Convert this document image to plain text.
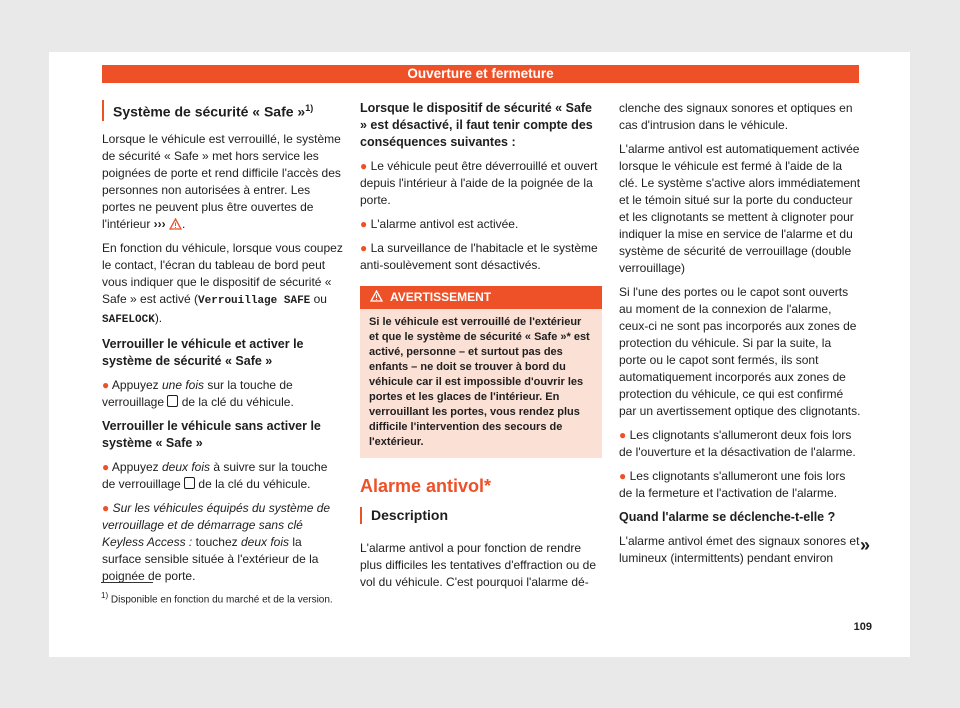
Ouverture et fermeture
Système de sécurité « Safe »$^{1)}$

Lorsque le véhicule est verrouillé, le système de sécurité « Safe » met hors service les poignées de porte et rend difficile l'accès des personnes non autorisées à entrer. Les portes ne peuvent plus être ouvertes de l'intérieur ››› .

En fonction du véhicule, lorsque vous coupez le contact, l'écran du tableau de bord peut vous indiquer que le dispositif de sécurité « Safe » est activé (Verrouillage SAFE ou SAFELOCK).

Verrouiller le véhicule et activer le système de sécurité « Safe »

● Appuyez une fois sur la touche de verrouillage  de la clé du véhicule.

Verrouiller le véhicule sans activer le système « Safe »

● Appuyez deux fois à suivre sur la touche de verrouillage  de la clé du véhicule.

● Sur les véhicules équipés du système de verrouillage et de démarrage sans clé Keyless Access : touchez deux fois la surface sensible située à l'extérieur de la poignée de porte.

Lorsque le dispositif de sécurité « Safe » est désactivé, il faut tenir compte des conséquences suivantes :

● Le véhicule peut être déverrouillé et ouvert depuis l'intérieur à l'aide de la poignée de la porte.

● L'alarme antivol est activée.

● La surveillance de l'habitacle et le système anti-soulèvement sont désactivés.

AVERTISSEMENT
Si le véhicule est verrouillé de l'extérieur et que le système de sécurité « Safe »* est activé, personne – et surtout pas des enfants – ne doit se trouver à bord du véhicule car il est impossible d'ouvrir les portes et les glaces de l'intérieur. En verrouillant les portes, vous rendez plus difficile l'intervention des secours de l'extérieur.
Alarme antivol*
Description

L'alarme antivol a pour fonction de rendre plus difficiles les tentatives d'effraction ou de vol du véhicule. C'est pourquoi l'alarme dé-

clenche des signaux sonores et optiques en cas d'intrusion dans le véhicule.

L'alarme antivol est automatiquement activée lorsque le véhicule est fermé à l'aide de la clé. Le système s'active alors immédiatement et le témoin situé sur la porte du conducteur et les clignotants se mettent à clignoter pour indiquer la mise en service de l'alarme et du système de sécurité de verrouillage (double verrouillage)

Si l'une des portes ou le capot sont ouverts au moment de la connexion de l'alarme, ceux-ci ne sont pas incorporés aux zones de protection du véhicule. Si par la suite, la porte ou le capot sont fermés, ils sont automatiquement incorporés aux zones de protection du véhicule, ce qui est confirmé par un avertissement optique des clignotants.

● Les clignotants s'allumeront deux fois lors de l'ouverture et la désactivation de l'alarme.

● Les clignotants s'allumeront une fois lors de la fermeture et l'activation de l'alarme.

Quand l'alarme se déclenche-t-elle ?

L'alarme antivol émet des signaux sonores et lumineux (intermittents) pendant environ

»
$^{1)}$ Disponible en fonction du marché et de la version.
109
